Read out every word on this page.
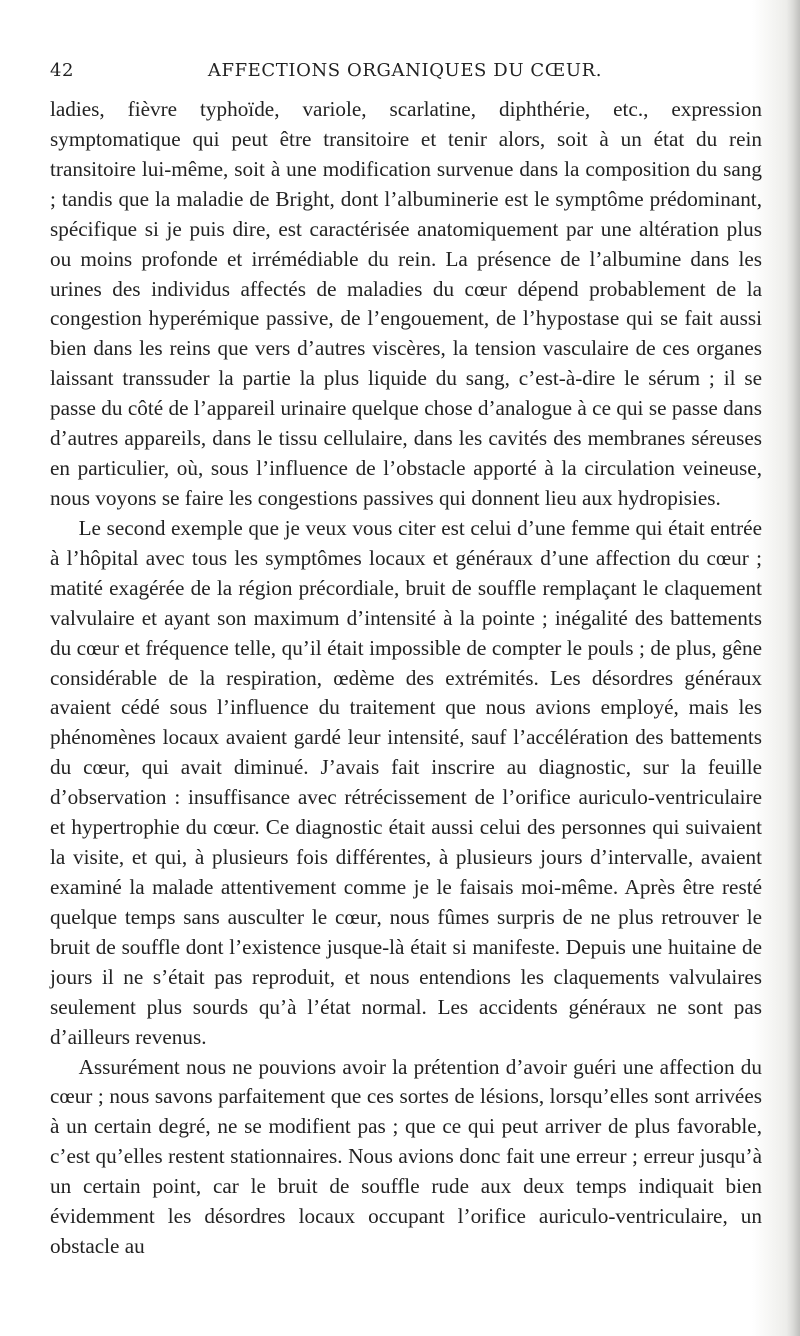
42	AFFECTIONS ORGANIQUES DU CŒUR.

ladies, fièvre typhoïde, variole, scarlatine, diphthérie, etc., expression symptomatique qui peut être transitoire et tenir alors, soit à un état du rein transitoire lui-même, soit à une modification survenue dans la composition du sang ; tandis que la maladie de Bright, dont l’albuminerie est le symptôme prédominant, spécifique si je puis dire, est caractérisée anatomiquement par une altération plus ou moins profonde et irrémédiable du rein. La présence de l’albumine dans les urines des individus affectés de maladies du cœur dépend probablement de la congestion hyperémique passive, de l’engouement, de l’hypostase qui se fait aussi bien dans les reins que vers d’autres viscères, la tension vasculaire de ces organes laissant transsuder la partie la plus liquide du sang, c’est-à-dire le sérum ; il se passe du côté de l’appareil urinaire quelque chose d’analogue à ce qui se passe dans d’autres appareils, dans le tissu cellulaire, dans les cavités des membranes séreuses en particulier, où, sous l’influence de l’obstacle apporté à la circulation veineuse, nous voyons se faire les congestions passives qui donnent lieu aux hydropisies.

Le second exemple que je veux vous citer est celui d’une femme qui était entrée à l’hôpital avec tous les symptômes locaux et généraux d’une affection du cœur ; matité exagérée de la région précordiale, bruit de souffle remplaçant le claquement valvulaire et ayant son maximum d’intensité à la pointe ; inégalité des battements du cœur et fréquence telle, qu’il était impossible de compter le pouls ; de plus, gêne considérable de la respiration, œdème des extrémités. Les désordres généraux avaient cédé sous l’influence du traitement que nous avions employé, mais les phénomènes locaux avaient gardé leur intensité, sauf l’accélération des battements du cœur, qui avait diminué. J’avais fait inscrire au diagnostic, sur la feuille d’observation : insuffisance avec rétrécissement de l’orifice auriculo-ventriculaire et hypertrophie du cœur. Ce diagnostic était aussi celui des personnes qui suivaient la visite, et qui, à plusieurs fois différentes, à plusieurs jours d’intervalle, avaient examiné la malade attentivement comme je le faisais moi-même. Après être resté quelque temps sans ausculter le cœur, nous fûmes surpris de ne plus retrouver le bruit de souffle dont l’existence jusque-là était si manifeste. Depuis une huitaine de jours il ne s’était pas reproduit, et nous entendions les claquements valvulaires seulement plus sourds qu’à l’état normal. Les accidents généraux ne sont pas d’ailleurs revenus.

Assurément nous ne pouvions avoir la prétention d’avoir guéri une affection du cœur ; nous savons parfaitement que ces sortes de lésions, lorsqu’elles sont arrivées à un certain degré, ne se modifient pas ; que ce qui peut arriver de plus favorable, c’est qu’elles restent stationnaires. Nous avions donc fait une erreur ; erreur jusqu’à un certain point, car le bruit de souffle rude aux deux temps indiquait bien évidemment les désordres locaux occupant l’orifice auriculo-ventriculaire, un obstacle au
